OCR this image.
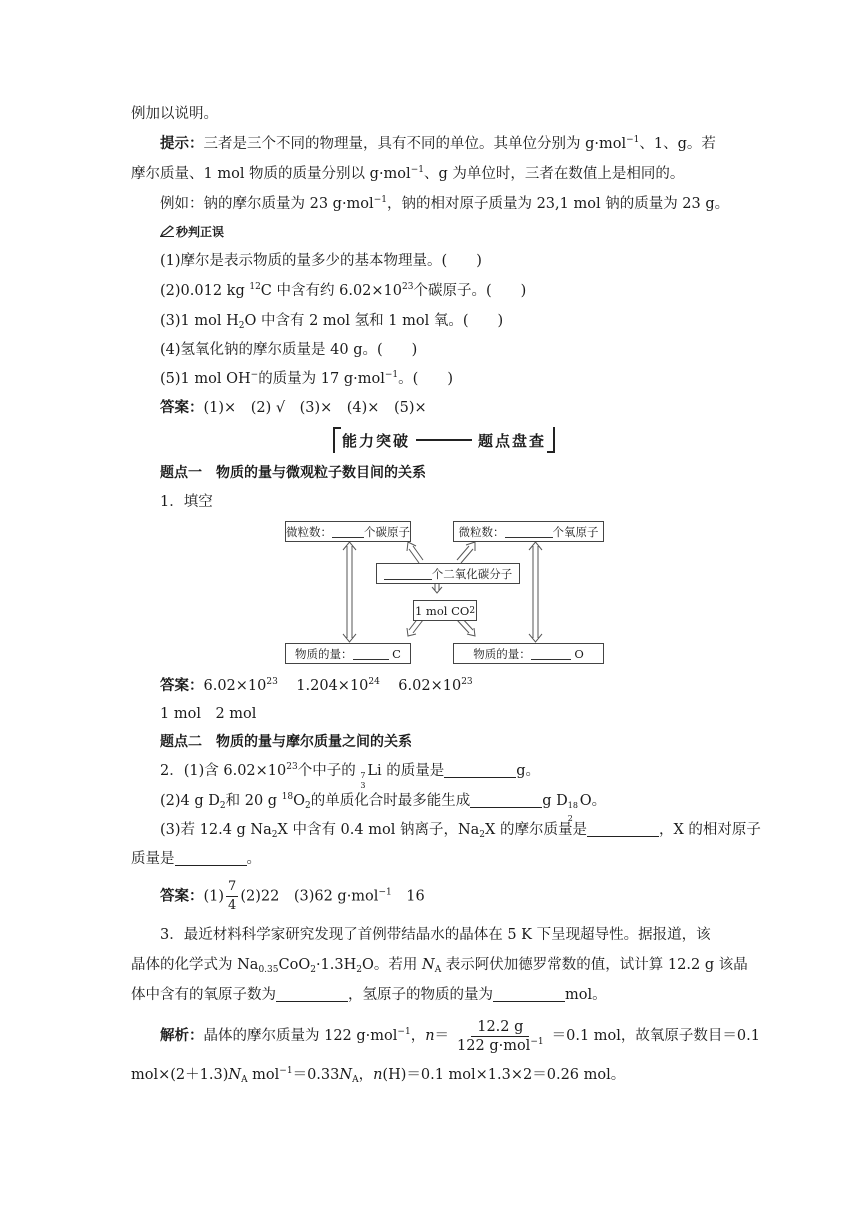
例加以说明。
提示：三者是三个不同的物理量，具有不同的单位。其单位分别为 g·mol$^{-1}$、1、g。若
摩尔质量、1 mol 物质的质量分别以 g·mol$^{-1}$、g 为单位时，三者在数值上是相同的。
例如：钠的摩尔质量为 23 g·mol$^{-1}$，钠的相对原子质量为 23,1 mol 钠的质量为 23 g。
秒判正误
(1)摩尔是表示物质的量多少的基本物理量。(　　)
(2)0.012 kg $^{12}$C 中含有约 $6.02\times 10^{23}$个碳原子。(　　)
(3)1 mol $H_2O$ 中含有 2 mol 氢和 1 mol 氧。(　　)
(4)氢氧化钠的摩尔质量是 40 g。(　　)
(5)1 mol OH−的质量为 17 g·mol$^{-1}$。(　　)
答案：(1)×　(2) √　(3)×　(4)×　(5)×
能力突破	题点盘查
题点一　物质的量与微观粒子数目间的关系
1．填空
微粒数：	个碳原子	微粒数：	个氧原子
个二氧化碳分子
1 mol CO 2
物质的量：
	C	物质的量：
	O
答案：$6.02\times 10^{23}$ $1.204\times 10^{24}$ $6.02\times 10^{23}$
1 mol　2 mol
题点二　物质的量与摩尔质量之间的关系
2．(1)含 $6.02\times 10^{23}$个中子的 7
3
Li 的质量是	g。
(2)4 g $D_2$和 20 g $^{18}O_2$的单质化合时最多能生成	g D 18
2
O。
(3)若 12.4 g $Na_2X$ 中含有 0.4 mol 钠离子，$Na_2X$ 的摩尔质量是	，X 的相对原子
质量是	。
答案：$(1) \frac{7}{4} (2)22$　(3)62 g·mol$^{-1}$　16
3．最近材料科学家研究发现了首例带结晶水的晶体在 5 K 下呈现超导性。据报道，该
晶体的化学式为 $Na_{0.35}CoO_2\cdot 1.3H_2O$。若用 $N_A$ 表示阿伏加德罗常数的值，试计算 12.2 g 该晶
体中含有的氧原子数为	，氢原子的物质的量为	mol。
解析：晶体的摩尔质量为 122 g·mol$^{-1}$，$n= \frac{12.2 g}{122 g\cdot mol^{-1}} =0.1$ mol，故氧原子数目＝0.1
$mol\times(2+1.3)N_A$ $mol^{-1}=0.33N_A$，n(H)＝0.1 mol×1.3×2＝0.26 mol。
